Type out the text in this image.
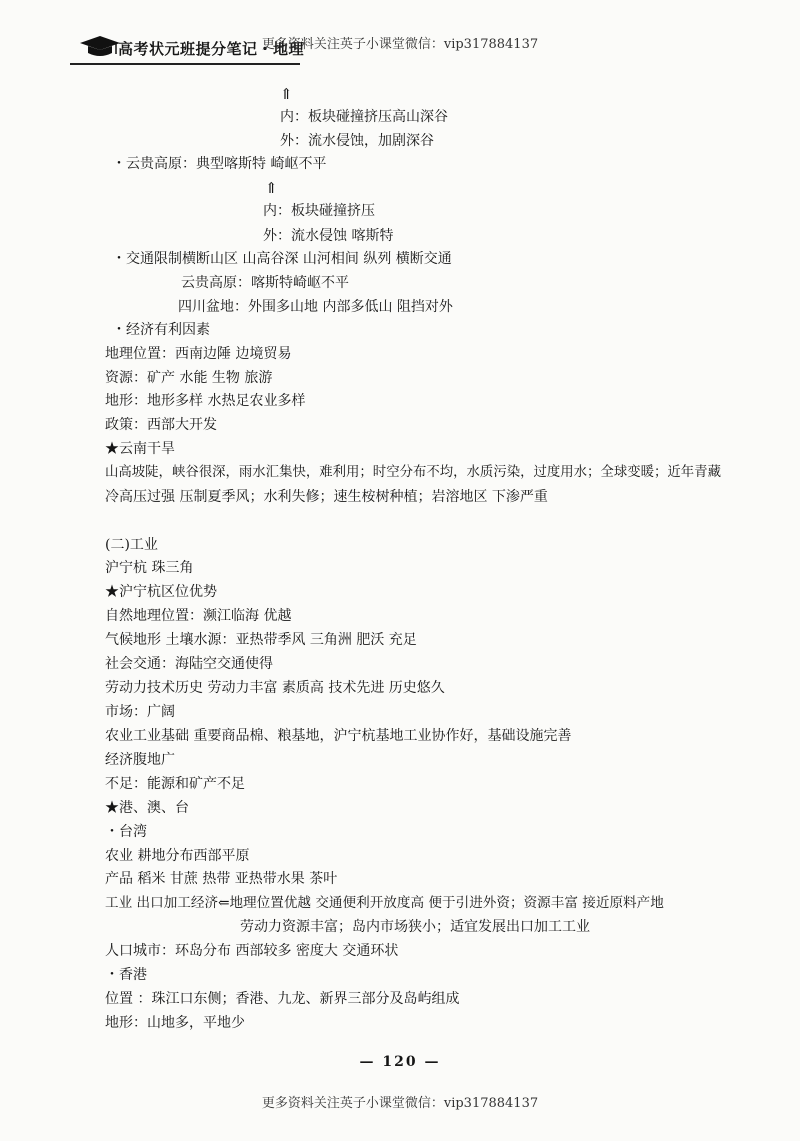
高考状元班提分笔记・地理
更多资料关注英子小课堂微信：vip317884137
⇑
内：板块碰撞挤压高山深谷
外：流水侵蚀，加剧深谷
・云贵高原：典型喀斯特 崎岖不平
⇑
内：板块碰撞挤压
外：流水侵蚀 喀斯特
・交通限制横断山区 山高谷深 山河相间 纵列 横断交通
云贵高原：喀斯特崎岖不平
四川盆地：外围多山地 内部多低山 阻挡对外
・经济有利因素
地理位置：西南边陲 边境贸易
资源：矿产 水能 生物 旅游
地形：地形多样 水热足农业多样
政策：西部大开发
★云南干旱
山高坡陡，峡谷很深，雨水汇集快，难利用；时空分布不均，水质污染，过度用水；全球变暖；近年青藏
冷高压过强 压制夏季风；水利失修；速生桉树种植；岩溶地区 下渗严重
(二)工业
沪宁杭 珠三角
★沪宁杭区位优势
自然地理位置：濒江临海 优越
气候地形 土壤水源：亚热带季风 三角洲 肥沃 充足
社会交通：海陆空交通使得
劳动力技术历史 劳动力丰富 素质高 技术先进 历史悠久
市场：广阔
农业工业基础 重要商品棉、粮基地，沪宁杭基地工业协作好，基础设施完善
经济腹地广
不足：能源和矿产不足
★港、澳、台
・台湾
农业 耕地分布西部平原
产品 稻米 甘蔗 热带 亚热带水果 茶叶
工业 出口加工经济⇐地理位置优越 交通便利开放度高 便于引进外资；资源丰富 接近原料产地
劳动力资源丰富；岛内市场狭小；适宜发展出口加工工业
人口城市：环岛分布 西部较多 密度大 交通环状
・香港
位置 ：珠江口东侧；香港、九龙、新界三部分及岛屿组成
地形：山地多，平地少
— 120 —
更多资料关注英子小课堂微信：vip317884137
